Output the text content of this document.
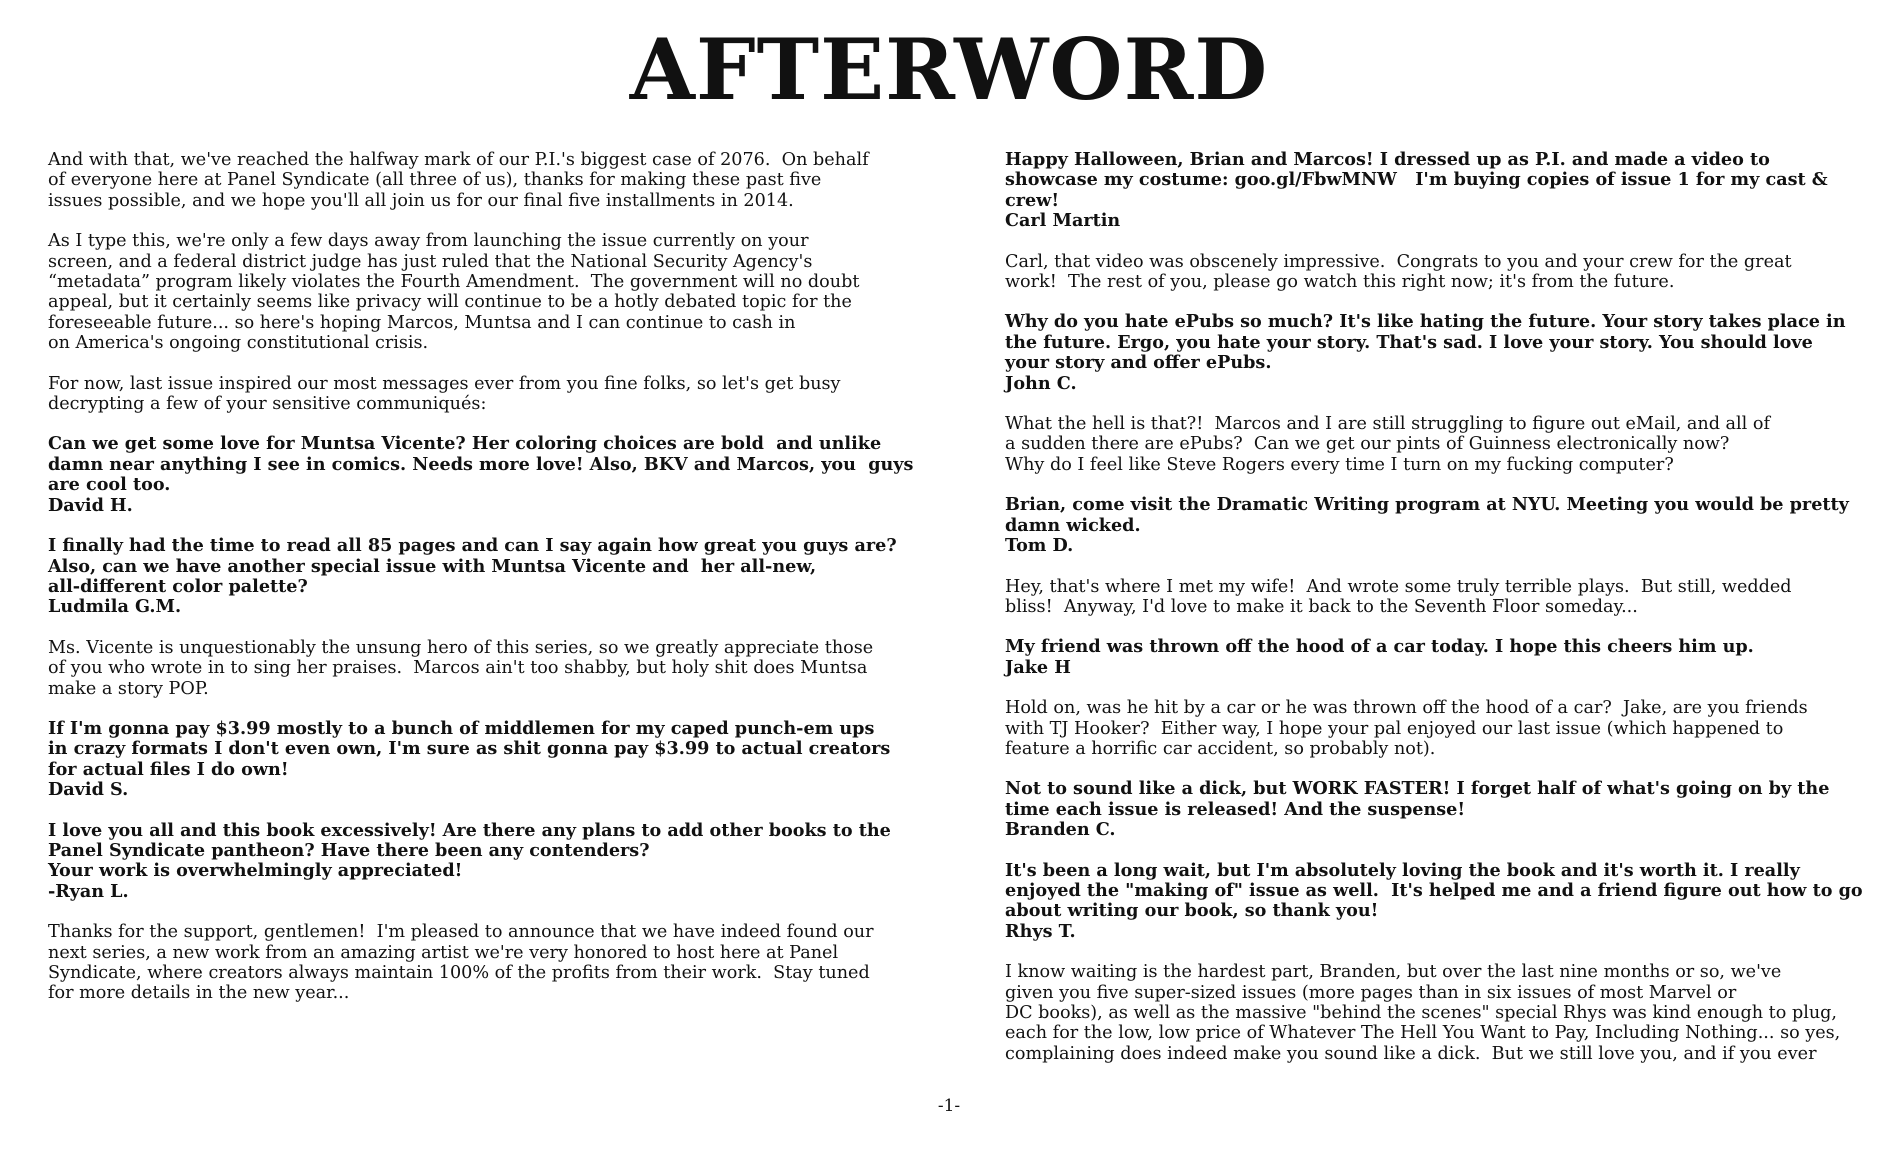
AFTERWORD
And with that, we've reached the halfway mark of our P.I.'s biggest case of 2076.  On behalf
of everyone here at Panel Syndicate (all three of us), thanks for making these past five
issues possible, and we hope you'll all join us for our final five installments in 2014.
As I type this, we're only a few days away from launching the issue currently on your
screen, and a federal district judge has just ruled that the National Security Agency's
“metadata” program likely violates the Fourth Amendment.  The government will no doubt
appeal, but it certainly seems like privacy will continue to be a hotly debated topic for the
foreseeable future... so here's hoping Marcos, Muntsa and I can continue to cash in
on America's ongoing constitutional crisis.
For now, last issue inspired our most messages ever from you fine folks, so let's get busy
decrypting a few of your sensitive communiqués:
Can we get some love for Muntsa Vicente? Her coloring choices are bold  and unlike
damn near anything I see in comics. Needs more love! Also, BKV and Marcos, you  guys
are cool too.
David H.
I finally had the time to read all 85 pages and can I say again how great you guys are?
Also, can we have another special issue with Muntsa Vicente and  her all-new,
all-different color palette?
Ludmila G.M.
Ms. Vicente is unquestionably the unsung hero of this series, so we greatly appreciate those
of you who wrote in to sing her praises.  Marcos ain't too shabby, but holy shit does Muntsa
make a story POP.
If I'm gonna pay $3.99 mostly to a bunch of middlemen for my caped punch-em ups
in crazy formats I don't even own, I'm sure as shit gonna pay $3.99 to actual creators
for actual files I do own!
David S.
I love you all and this book excessively! Are there any plans to add other books to the
Panel Syndicate pantheon? Have there been any contenders?
Your work is overwhelmingly appreciated!
-Ryan L.
Thanks for the support, gentlemen!  I'm pleased to announce that we have indeed found our
next series, a new work from an amazing artist we're very honored to host here at Panel
Syndicate, where creators always maintain 100% of the profits from their work.  Stay tuned
for more details in the new year...
Happy Halloween, Brian and Marcos! I dressed up as P.I. and made a video to
showcase my costume: goo.gl/FbwMNW   I'm buying copies of issue 1 for my cast &
crew!
Carl Martin
Carl, that video was obscenely impressive.  Congrats to you and your crew for the great
work!  The rest of you, please go watch this right now; it's from the future.
Why do you hate ePubs so much? It's like hating the future. Your story takes place in
the future. Ergo, you hate your story. That's sad. I love your story. You should love
your story and offer ePubs.
John C.
What the hell is that?!  Marcos and I are still struggling to figure out eMail, and all of
a sudden there are ePubs?  Can we get our pints of Guinness electronically now?
Why do I feel like Steve Rogers every time I turn on my fucking computer?
Brian, come visit the Dramatic Writing program at NYU. Meeting you would be pretty
damn wicked.
Tom D.
Hey, that's where I met my wife!  And wrote some truly terrible plays.  But still, wedded
bliss!  Anyway, I'd love to make it back to the Seventh Floor someday...
My friend was thrown off the hood of a car today. I hope this cheers him up.
Jake H
Hold on, was he hit by a car or he was thrown off the hood of a car?  Jake, are you friends
with TJ Hooker?  Either way, I hope your pal enjoyed our last issue (which happened to
feature a horrific car accident, so probably not).
Not to sound like a dick, but WORK FASTER! I forget half of what's going on by the
time each issue is released! And the suspense!
Branden C.
It's been a long wait, but I'm absolutely loving the book and it's worth it. I really
enjoyed the "making of" issue as well.  It's helped me and a friend figure out how to go
about writing our book, so thank you!
Rhys T.
I know waiting is the hardest part, Branden, but over the last nine months or so, we've
given you five super-sized issues (more pages than in six issues of most Marvel or
DC books), as well as the massive "behind the scenes" special Rhys was kind enough to plug,
each for the low, low price of Whatever The Hell You Want to Pay, Including Nothing... so yes,
complaining does indeed make you sound like a dick.  But we still love you, and if you ever
-1-
